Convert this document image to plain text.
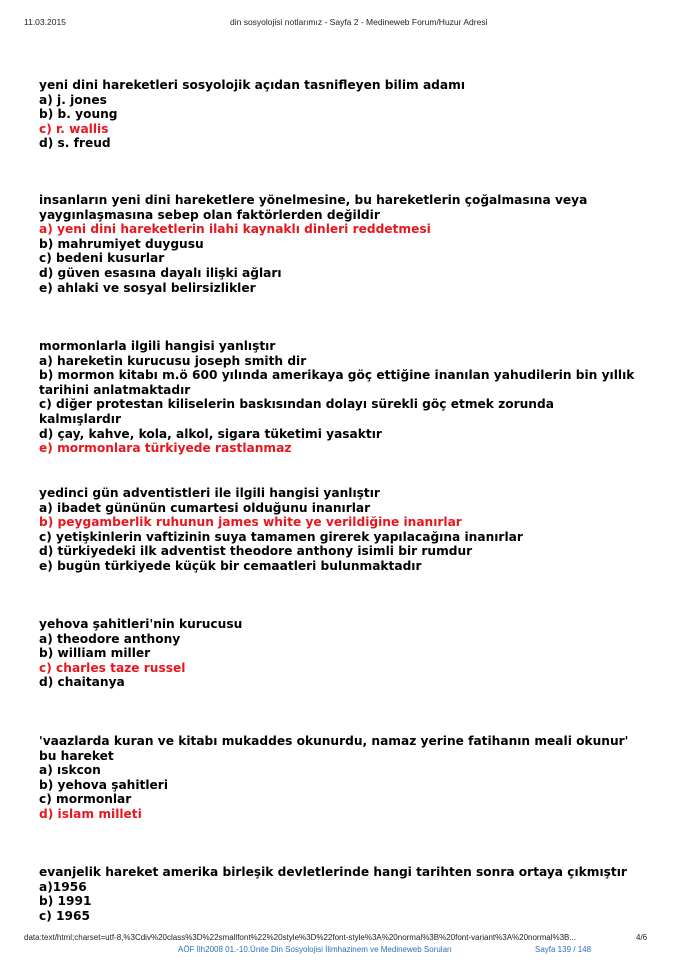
11.03.2015	din sosyolojisi notlarımız - Sayfa 2 - Medineweb Forum/Huzur Adresi
yeni dini hareketleri sosyolojik açıdan tasnifleyen bilim adamı
a) j. jones
b) b. young
c) r. wallis
d) s. freud
insanların yeni dini hareketlere yönelmesine, bu hareketlerin çoğalmasına veya yaygınlaşmasına sebep olan faktörlerden değildir
a) yeni dini hareketlerin ilahi kaynaklı dinleri reddetmesi
b) mahrumiyet duygusu
c) bedeni kusurlar
d) güven esasına dayalı ilişki ağları
e) ahlaki ve sosyal belirsizlikler
mormonlarla ilgili hangisi yanlıştır
a) hareketin kurucusu joseph smith dir
b) mormon kitabı m.ö 600 yılında amerikaya göç ettiğine inanılan yahudilerin bin yıllık tarihini anlatmaktadır
c) diğer protestan kiliselerin baskısından dolayı sürekli göç etmek zorunda kalmışlardır
d) çay, kahve, kola, alkol, sigara tüketimi yasaktır
e) mormonlara türkiyede rastlanmaz
yedinci gün adventistleri ile ilgili hangisi yanlıştır
a) ibadet gününün cumartesi olduğunu inanırlar
b) peygamberlik ruhunun james white ye verildiğine inanırlar
c) yetişkinlerin vaftizinin suya tamamen girerek yapılacağına inanırlar
d) türkiyedeki ilk adventist theodore anthony isimli bir rumdur
e) bugün türkiyede küçük bir cemaatleri bulunmaktadır
yehova şahitleri'nin kurucusu
a) theodore anthony
b) william miller
c) charles taze russel
d) chaitanya
'vaazlarda kuran ve kitabı mukaddes okunurdu, namaz yerine fatihanın meali okunur' bu hareket
a) ıskcon
b) yehova şahitleri
c) mormonlar
d) islam milleti
evanjelik hareket amerika birleşik devletlerinde hangi tarihten sonra ortaya çıkmıştır
a)1956
b) 1991
c) 1965
data:text/html;charset=utf-8,%3Cdiv%20class%3D%22smallfont%22%20style%3D%22font-style%3A%20normal%3B%20font-variant%3A%20normal%3B...	4/6
AÖF İlh2008 01.-10.Ünite Din Sosyolojisi İlimhazinem ve Medineweb Soruları	Sayfa 139 / 148
